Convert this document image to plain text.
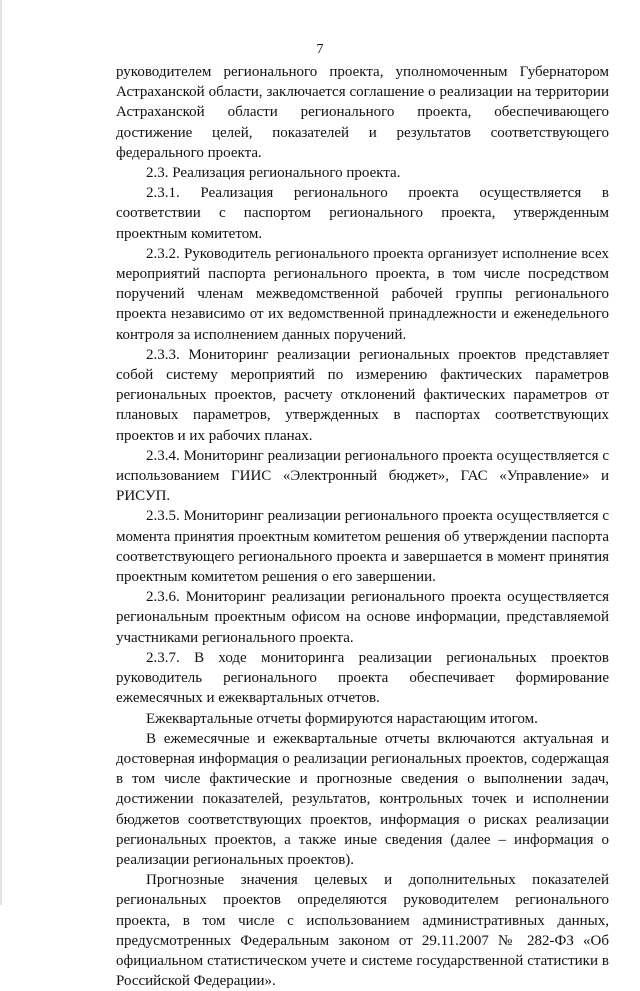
7

руководителем регионального проекта, уполномоченным Губернатором Астраханской области, заключается соглашение о реализации на территории Астраханской области регионального проекта, обеспечивающего достижение целей, показателей и результатов соответствующего федерального проекта.

2.3. Реализация регионального проекта.

2.3.1. Реализация регионального проекта осуществляется в соответствии с паспортом регионального проекта, утвержденным проектным комитетом.

2.3.2. Руководитель регионального проекта организует исполнение всех мероприятий паспорта регионального проекта, в том числе посредством поручений членам межведомственной рабочей группы регионального проекта независимо от их ведомственной принадлежности и еженедельного контроля за исполнением данных поручений.

2.3.3. Мониторинг реализации региональных проектов представляет собой систему мероприятий по измерению фактических параметров региональных проектов, расчету отклонений фактических параметров от плановых параметров, утвержденных в паспортах соответствующих проектов и их рабочих планах.

2.3.4. Мониторинг реализации регионального проекта осуществляется с использованием ГИИС «Электронный бюджет», ГАС «Управление» и РИСУП.

2.3.5. Мониторинг реализации регионального проекта осуществляется с момента принятия проектным комитетом решения об утверждении паспорта соответствующего регионального проекта и завершается в момент принятия проектным комитетом решения о его завершении.

2.3.6. Мониторинг реализации регионального проекта осуществляется региональным проектным офисом на основе информации, представляемой участниками регионального проекта.

2.3.7. В ходе мониторинга реализации региональных проектов руководитель регионального проекта обеспечивает формирование ежемесячных и ежеквартальных отчетов.

Ежеквартальные отчеты формируются нарастающим итогом.

В ежемесячные и ежеквартальные отчеты включаются актуальная и достоверная информация о реализации региональных проектов, содержащая в том числе фактические и прогнозные сведения о выполнении задач, достижении показателей, результатов, контрольных точек и исполнении бюджетов соответствующих проектов, информация о рисках реализации региональных проектов, а также иные сведения (далее – информация о реализации региональных проектов).

Прогнозные значения целевых и дополнительных показателей региональных проектов определяются руководителем регионального проекта, в том числе с использованием административных данных, предусмотренных Федеральным законом от 29.11.2007 № 282-ФЗ «Об официальном статистическом учете и системе государственной статистики в Российской Федерации».
